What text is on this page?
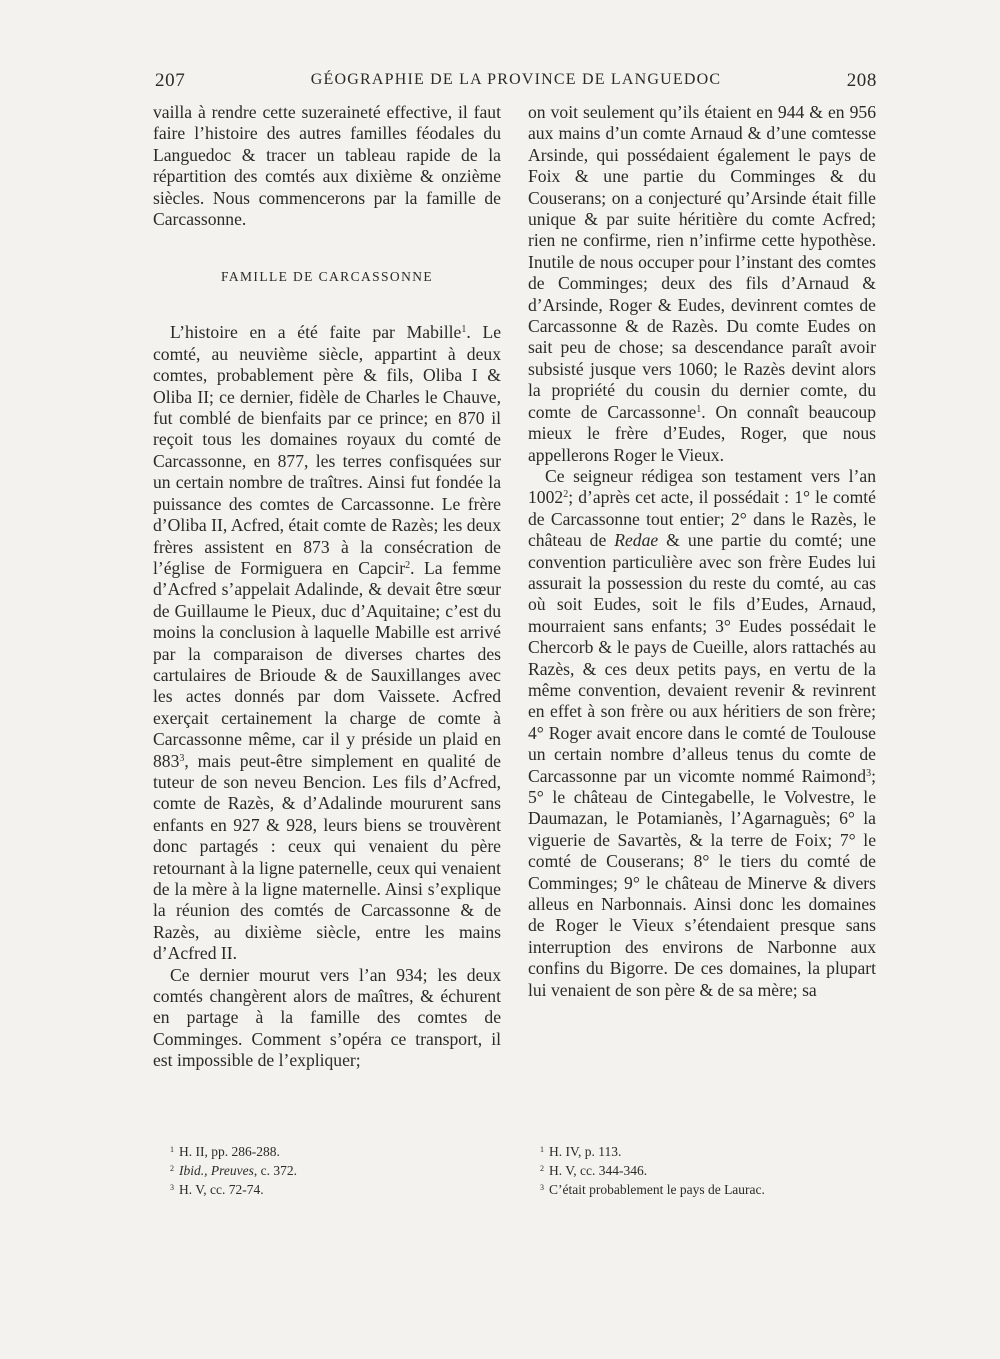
207	GÉOGRAPHIE DE LA PROVINCE DE LANGUEDOC	208

vailla à rendre cette suzeraineté effective, il faut faire l’histoire des autres familles féodales du Languedoc & tracer un tableau rapide de la répartition des comtés aux dixième & onzième siècles. Nous commencerons par la famille de Carcassonne.

FAMILLE DE CARCASSONNE

L’histoire en a été faite par Mabille$^1$. Le comté, au neuvième siècle, appartint à deux comtes, probablement père & fils, Oliba I & Oliba II; ce dernier, fidèle de Charles le Chauve, fut comblé de bienfaits par ce prince; en 870 il reçoit tous les domaines royaux du comté de Carcassonne, en 877, les terres confisquées sur un certain nombre de traîtres. Ainsi fut fondée la puissance des comtes de Carcassonne. Le frère d’Oliba II, Acfred, était comte de Razès; les deux frères assistent en 873 à la consécration de l’église de Formiguera en Capcir$^2$. La femme d’Acfred s’appelait Adalinde, & devait être sœur de Guillaume le Pieux, duc d’Aquitaine; c’est du moins la conclusion à laquelle Mabille est arrivé par la comparaison de diverses chartes des cartulaires de Brioude & de Sauxillanges avec les actes donnés par dom Vaissete. Acfred exerçait certainement la charge de comte à Carcassonne même, car il y préside un plaid en $883^3$, mais peut-être simplement en qualité de tuteur de son neveu Bencion. Les fils d’Acfred, comte de Razès, & d’Adalinde moururent sans enfants en 927 & 928, leurs biens se trouvèrent donc partagés : ceux qui venaient du père retournant à la ligne paternelle, ceux qui venaient de la mère à la ligne maternelle. Ainsi s’explique la réunion des comtés de Carcassonne & de Razès, au dixième siècle, entre les mains d’Acfred II.

Ce dernier mourut vers l’an 934; les deux comtés changèrent alors de maîtres, & échurent en partage à la famille des comtes de Comminges. Comment s’opéra ce transport, il est impossible de l’expliquer;

on voit seulement qu’ils étaient en 944 & en 956 aux mains d’un comte Arnaud & d’une comtesse Arsinde, qui possédaient également le pays de Foix & une partie du Comminges & du Couserans; on a conjecturé qu’Arsinde était fille unique & par suite héritière du comte Acfred; rien ne confirme, rien n’infirme cette hypothèse. Inutile de nous occuper pour l’instant des comtes de Comminges; deux des fils d’Arnaud & d’Arsinde, Roger & Eudes, devinrent comtes de Carcassonne & de Razès. Du comte Eudes on sait peu de chose; sa descendance paraît avoir subsisté jusque vers 1060; le Razès devint alors la propriété du cousin du dernier comte, du comte de Carcassonne$^1$. On connaît beaucoup mieux le frère d’Eudes, Roger, que nous appellerons Roger le Vieux.

Ce seigneur rédigea son testament vers l’an 1002$^2$; d’après cet acte, il possédait : 1° le comté de Carcassonne tout entier; 2° dans le Razès, le château de Redae & une partie du comté; une convention particulière avec son frère Eudes lui assurait la possession du reste du comté, au cas où soit Eudes, soit le fils d’Eudes, Arnaud, mourraient sans enfants; 3° Eudes possédait le Chercorb & le pays de Cueille, alors rattachés au Razès, & ces deux petits pays, en vertu de la même convention, devaient revenir & revinrent en effet à son frère ou aux héritiers de son frère; 4° Roger avait encore dans le comté de Toulouse un certain nombre d’alleus tenus du comte de Carcassonne par un vicomte nommé Raimond$^3$; 5° le château de Cintegabelle, le Volvestre, le Daumazan, le Potamianès, l’Agarnaguès; 6° la viguerie de Savartès, & la terre de Foix; 7° le comté de Couserans; 8° le tiers du comté de Comminges; 9° le château de Minerve & divers alleus en Narbonnais. Ainsi donc les domaines de Roger le Vieux s’étendaient presque sans interruption des environs de Narbonne aux confins du Bigorre. De ces domaines, la plupart lui venaient de son père & de sa mère; sa

$^1$ H. II, pp. 286-288.
$^2$ Ibid., Preuves, c. 372.
$^3$ H. V, cc. 72-74.
$^1$ H. IV, p. 113.
$^2$ H. V, cc. 344-346.
$^3$ C’était probablement le pays de Laurac.
